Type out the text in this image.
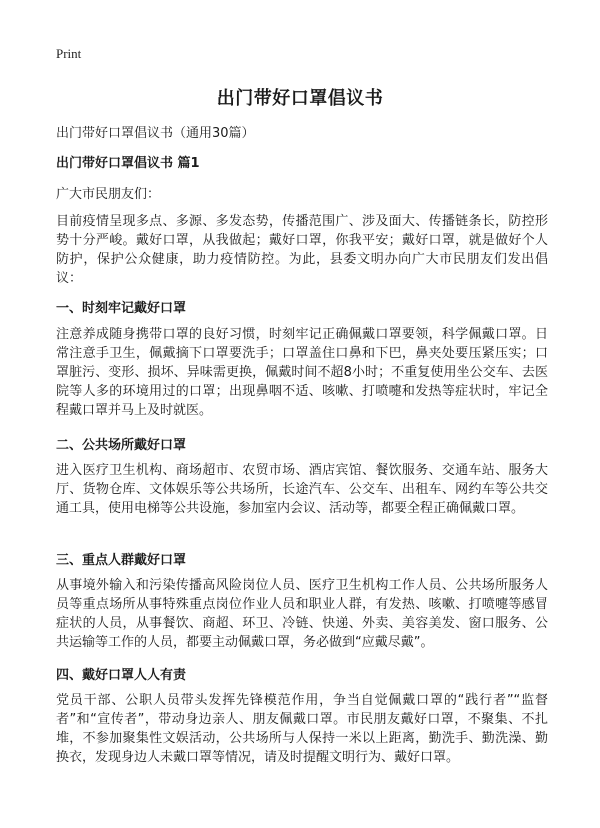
Print
出门带好口罩倡议书
出门带好口罩倡议书（通用30篇）
出门带好口罩倡议书 篇1
广大市民朋友们：
目前疫情呈现多点、多源、多发态势，传播范围广、涉及面大、传播链条长，防控形势十分严峻。戴好口罩，从我做起；戴好口罩，你我平安；戴好口罩，就是做好个人防护，保护公众健康，助力疫情防控。为此，县委文明办向广大市民朋友们发出倡议：
一、时刻牢记戴好口罩
注意养成随身携带口罩的良好习惯，时刻牢记正确佩戴口罩要领，科学佩戴口罩。日常注意手卫生，佩戴摘下口罩要洗手；口罩盖住口鼻和下巴，鼻夹处要压紧压实；口罩脏污、变形、损坏、异味需更换，佩戴时间不超8小时；不重复使用坐公交车、去医院等人多的环境用过的口罩；出现鼻咽不适、咳嗽、打喷嚏和发热等症状时，牢记全程戴口罩并马上及时就医。
二、公共场所戴好口罩
进入医疗卫生机构、商场超市、农贸市场、酒店宾馆、餐饮服务、交通车站、服务大厅、货物仓库、文体娱乐等公共场所，长途汽车、公交车、出租车、网约车等公共交通工具，使用电梯等公共设施，参加室内会议、活动等，都要全程正确佩戴口罩。
三、重点人群戴好口罩
从事境外输入和污染传播高风险岗位人员、医疗卫生机构工作人员、公共场所服务人员等重点场所从事特殊重点岗位作业人员和职业人群，有发热、咳嗽、打喷嚏等感冒症状的人员，从事餐饮、商超、环卫、冷链、快递、外卖、美容美发、窗口服务、公共运输等工作的人员，都要主动佩戴口罩，务必做到“应戴尽戴”。
四、戴好口罩人人有责
党员干部、公职人员带头发挥先锋模范作用，争当自觉佩戴口罩的“践行者”“监督者”和“宣传者”，带动身边亲人、朋友佩戴口罩。市民朋友戴好口罩，不聚集、不扎堆，不参加聚集性文娱活动，公共场所与人保持一米以上距离，勤洗手、勤洗澡、勤换衣，发现身边人未戴口罩等情况，请及时提醒文明行为、戴好口罩。
